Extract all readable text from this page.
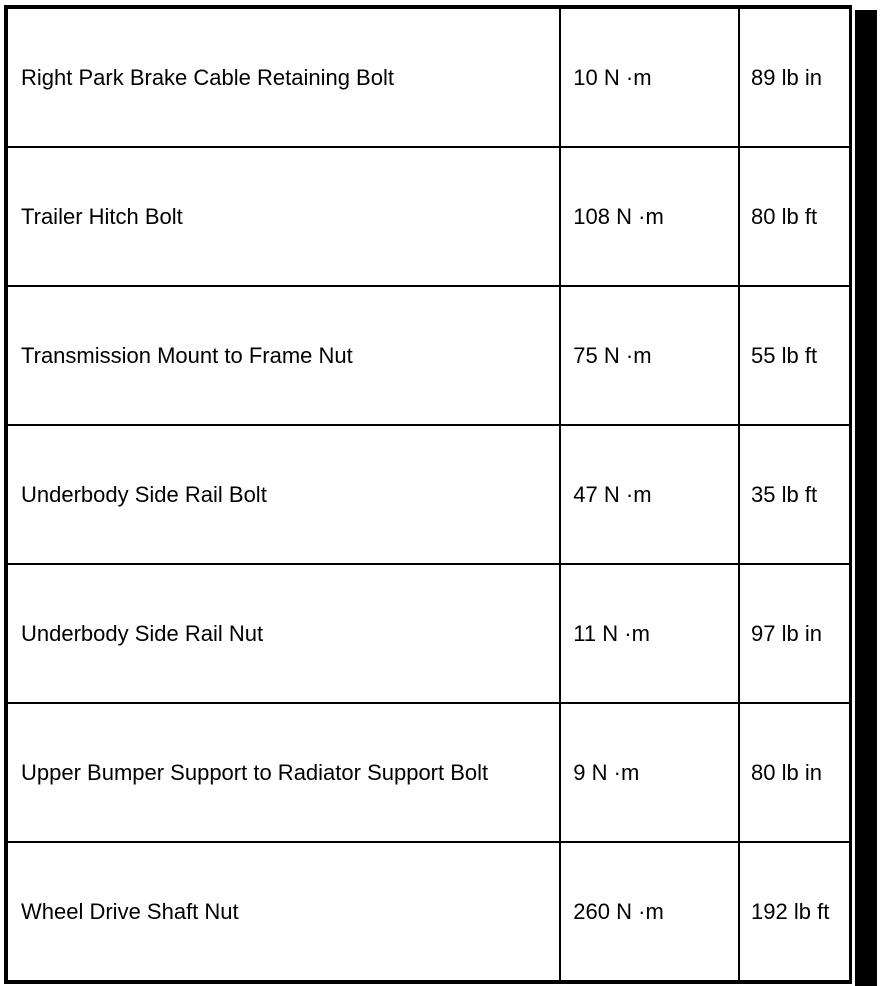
Right Park Brake Cable Retaining Bolt	10 N ·m	89 lb in
Trailer Hitch Bolt	108 N ·m	80 lb ft
Transmission Mount to Frame Nut	75 N ·m	55 lb ft
Underbody Side Rail Bolt	47 N ·m	35 lb ft
Underbody Side Rail Nut	11 N ·m	97 lb in
Upper Bumper Support to Radiator Support Bolt	9 N ·m	80 lb in
Wheel Drive Shaft Nut	260 N ·m	192 lb ft
